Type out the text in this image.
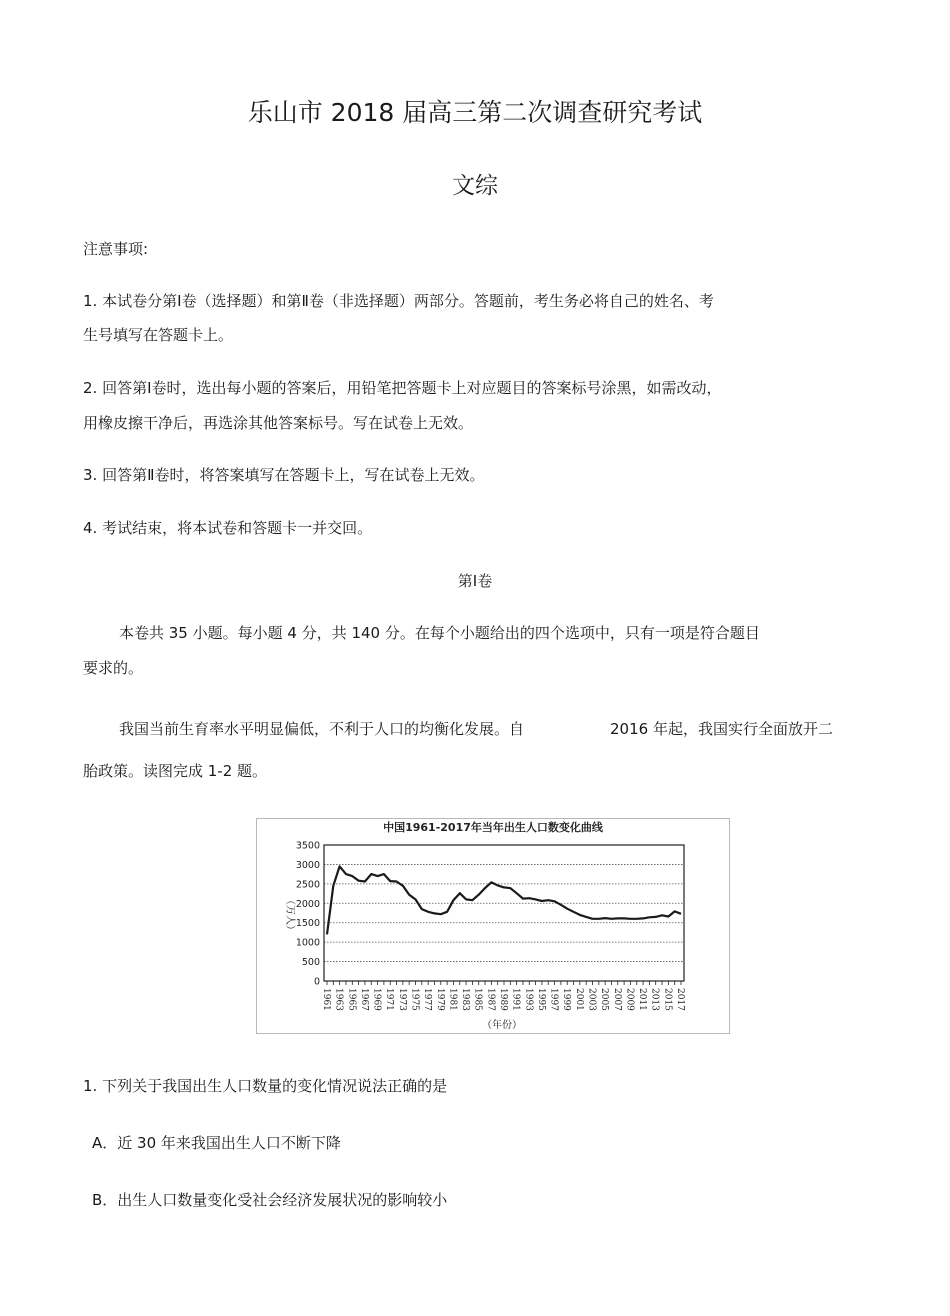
乐山市 2018 届高三第二次调查研究考试
文综
注意事项:
1. 本试卷分第Ⅰ卷（选择题）和第Ⅱ卷（非选择题）两部分。答题前，考生务必将自己的姓名、考
生号填写在答题卡上。
2. 回答第Ⅰ卷时，选出每小题的答案后，用铅笔把答题卡上对应题目的答案标号涂黑，如需改动，
用橡皮擦干净后，再选涂其他答案标号。写在试卷上无效。
3. 回答第Ⅱ卷时，将答案填写在答题卡上，写在试卷上无效。
4. 考试结束，将本试卷和答题卡一并交回。
第Ⅰ卷
本卷共 35 小题。每小题 4 分，共 140 分。在每个小题给出的四个选项中，只有一项是符合题目
要求的。
我国当前生育率水平明显偏低，不利于人口的均衡化发展。自	2016 年起，我国实行全面放开二
胎政策。读图完成 1-2 题。
中国1961-2017年当年出生人口数变化曲线
（万人）
（年份）
3500
3000
2500
2000
1500
1000
500
0
1961 1963 1965 1967 1969 1971 1973 1975 1977 1979 1981 1983 1985 1987 1989 1991 1993 1995 1997 1999 2001 2003 2005 2007 2009 2011 2013 2015 2017
1. 下列关于我国出生人口数量的变化情况说法正确的是
A．近 30 年来我国出生人口不断下降
B．出生人口数量变化受社会经济发展状况的影响较小
